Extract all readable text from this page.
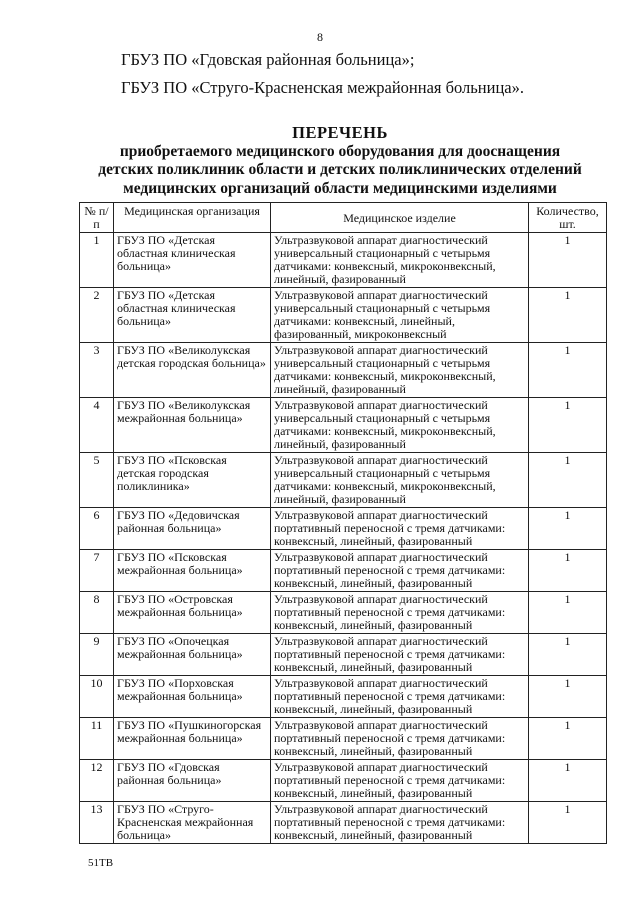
8
ГБУЗ ПО «Гдовская районная больница»;
ГБУЗ ПО «Струго-Красненская межрайонная больница».
ПЕРЕЧЕНЬ
приобретаемого медицинского оборудования для дооснащения
детских поликлиник области и детских поликлинических отделений
медицинских организаций области медицинскими изделиями
№ п/п	Медицинская организация	Медицинское изделие	Количество, шт.
1	ГБУЗ ПО «Детская областная клиническая больница»	Ультразвуковой аппарат диагностический универсальный стационарный с четырьмя датчиками: конвексный, микроконвексный, линейный, фазированный	1
2	ГБУЗ ПО «Детская областная клиническая больница»	Ультразвуковой аппарат диагностический универсальный стационарный с четырьмя датчиками: конвексный, линейный, фазированный, микроконвексный	1
3	ГБУЗ ПО «Великолукская детская городская больница»	Ультразвуковой аппарат диагностический универсальный стационарный с четырьмя датчиками: конвексный, микроконвексный, линейный, фазированный	1
4	ГБУЗ ПО «Великолукская межрайонная больница»	Ультразвуковой аппарат диагностический универсальный стационарный с четырьмя датчиками: конвексный, микроконвексный, линейный, фазированный	1
5	ГБУЗ ПО «Псковская детская городская поликлиника»	Ультразвуковой аппарат диагностический универсальный стационарный с четырьмя датчиками: конвексный, микроконвексный, линейный, фазированный	1
6	ГБУЗ ПО «Дедовичская районная больница»	Ультразвуковой аппарат диагностический портативный переносной с тремя датчиками: конвексный, линейный, фазированный	1
7	ГБУЗ ПО «Псковская межрайонная больница»	Ультразвуковой аппарат диагностический портативный переносной с тремя датчиками: конвексный, линейный, фазированный	1
8	ГБУЗ ПО «Островская межрайонная больница»	Ультразвуковой аппарат диагностический портативный переносной с тремя датчиками: конвексный, линейный, фазированный	1
9	ГБУЗ ПО «Опочецкая межрайонная больница»	Ультразвуковой аппарат диагностический портативный переносной с тремя датчиками: конвексный, линейный, фазированный	1
10	ГБУЗ ПО «Порховская межрайонная больница»	Ультразвуковой аппарат диагностический портативный переносной с тремя датчиками: конвексный, линейный, фазированный	1
11	ГБУЗ ПО «Пушкиногорская межрайонная больница»	Ультразвуковой аппарат диагностический портативный переносной с тремя датчиками: конвексный, линейный, фазированный	1
12	ГБУЗ ПО «Гдовская районная больница»	Ультразвуковой аппарат диагностический портативный переносной с тремя датчиками: конвексный, линейный, фазированный	1
13	ГБУЗ ПО «Струго-Красненская межрайонная больница»	Ультразвуковой аппарат диагностический портативный переносной с тремя датчиками: конвексный, линейный, фазированный	1
51ТВ
